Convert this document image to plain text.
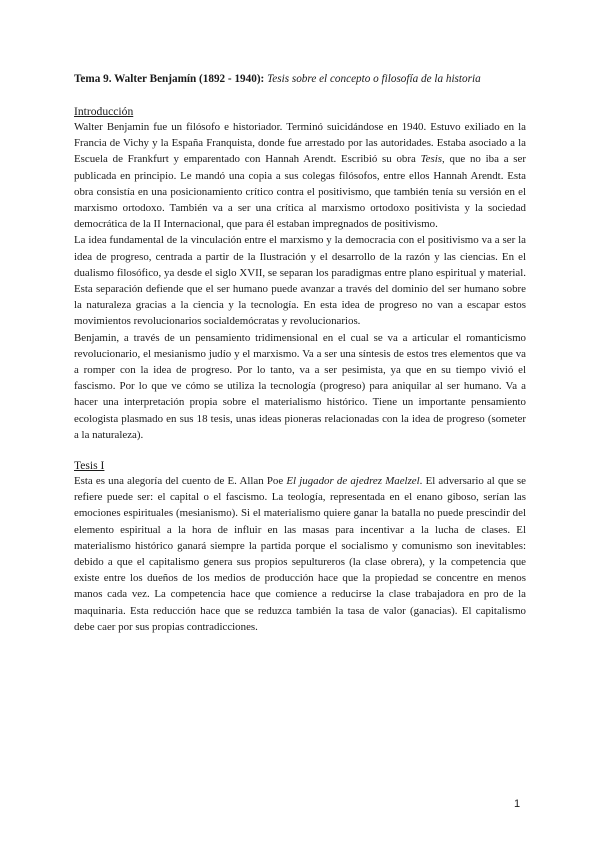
Tema 9. Walter Benjamín (1892 - 1940): Tesis sobre el concepto o filosofía de la historia

Introducción

Walter Benjamin fue un filósofo e historiador. Terminó suicidándose en 1940. Estuvo exiliado en la Francia de Vichy y la España Franquista, donde fue arrestado por las autoridades. Estaba asociado a la Escuela de Frankfurt y emparentado con Hannah Arendt. Escribió su obra Tesis, que no iba a ser publicada en principio. Le mandó una copia a sus colegas filósofos, entre ellos Hannah Arendt. Esta obra consistía en una posicionamiento crítico contra el positivismo, que también tenía su versión en el marxismo ortodoxo. También va a ser una crítica al marxismo ortodoxo positivista y la sociedad democrática de la II Internacional, que para él estaban impregnados de positivismo.

La idea fundamental de la vinculación entre el marxismo y la democracia con el positivismo va a ser la idea de progreso, centrada a partir de la Ilustración y el desarrollo de la razón y las ciencias. En el dualismo filosófico, ya desde el siglo XVII, se separan los paradigmas entre plano espiritual y material. Esta separación defiende que el ser humano puede avanzar a través del dominio del ser humano sobre la naturaleza gracias a la ciencia y la tecnología. En esta idea de progreso no van a escapar estos movimientos revolucionarios socialdemócratas y revolucionarios.

Benjamin, a través de un pensamiento tridimensional en el cual se va a articular el romanticismo revolucionario, el mesianismo judío y el marxismo. Va a ser una síntesis de estos tres elementos que va a romper con la idea de progreso. Por lo tanto, va a ser pesimista, ya que en su tiempo vivió el fascismo. Por lo que ve cómo se utiliza la tecnología (progreso) para aniquilar al ser humano. Va a hacer una interpretación propia sobre el materialismo histórico. Tiene un importante pensamiento ecologista plasmado en sus 18 tesis, unas ideas pioneras relacionadas con la idea de progreso (someter a la naturaleza).

Tesis I

Esta es una alegoría del cuento de E. Allan Poe El jugador de ajedrez Maelzel. El adversario al que se refiere puede ser: el capital o el fascismo. La teología, representada en el enano giboso, serían las emociones espirituales (mesianismo). Si el materialismo quiere ganar la batalla no puede prescindir del elemento espiritual a la hora de influir en las masas para incentivar a la lucha de clases. El materialismo histórico ganará siempre la partida porque el socialismo y comunismo son inevitables: debido a que el capitalismo genera sus propios sepultureros (la clase obrera), y la competencia que existe entre los dueños de los medios de producción hace que la propiedad se concentre en menos manos cada vez. La competencia hace que comience a reducirse la clase trabajadora en pro de la maquinaria. Esta reducción hace que se reduzca también la tasa de valor (ganacias). El capitalismo debe caer por sus propias contradicciones.

1
